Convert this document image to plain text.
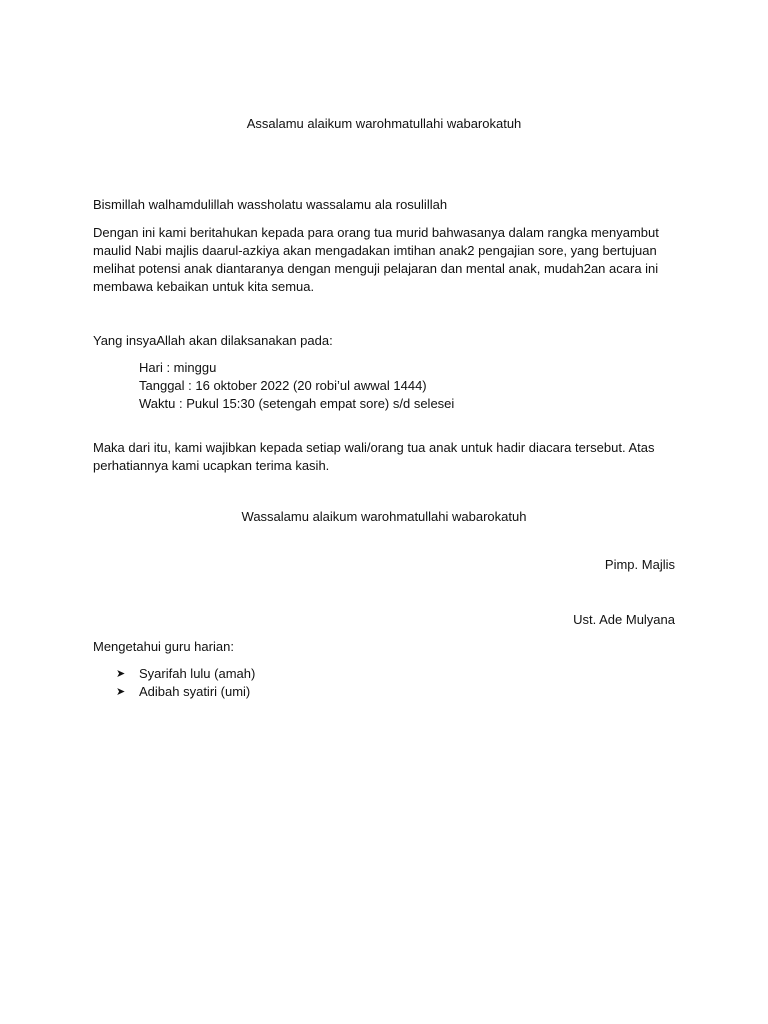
Assalamu alaikum warohmatullahi wabarokatuh
Bismillah walhamdulillah wassholatu wassalamu ala rosulillah

Dengan ini kami beritahukan kepada para orang tua murid bahwasanya dalam rangka menyambut

maulid Nabi majlis daarul-azkiya akan mengadakan imtihan anak2 pengajian sore, yang bertujuan

melihat potensi anak diantaranya dengan menguji pelajaran dan mental anak, mudah2an acara ini

membawa kebaikan untuk kita semua.

Yang insyaAllah akan dilaksanakan pada:
Hari : minggu
Tanggal : 16 oktober 2022 (20 robi’ul awwal 1444)
Waktu : Pukul 15:30 (setengah empat sore) s/d selesei

Maka dari itu, kami wajibkan kepada setiap wali/orang tua anak untuk hadir diacara tersebut. Atas

perhatiannya kami ucapkan terima kasih.

Wassalamu alaikum warohmatullahi wabarokatuh
Pimp. Majlis
Ust. Ade Mulyana
Mengetahui guru harian:
➤	Syarifah lulu (amah)
➤	Adibah syatiri (umi)
